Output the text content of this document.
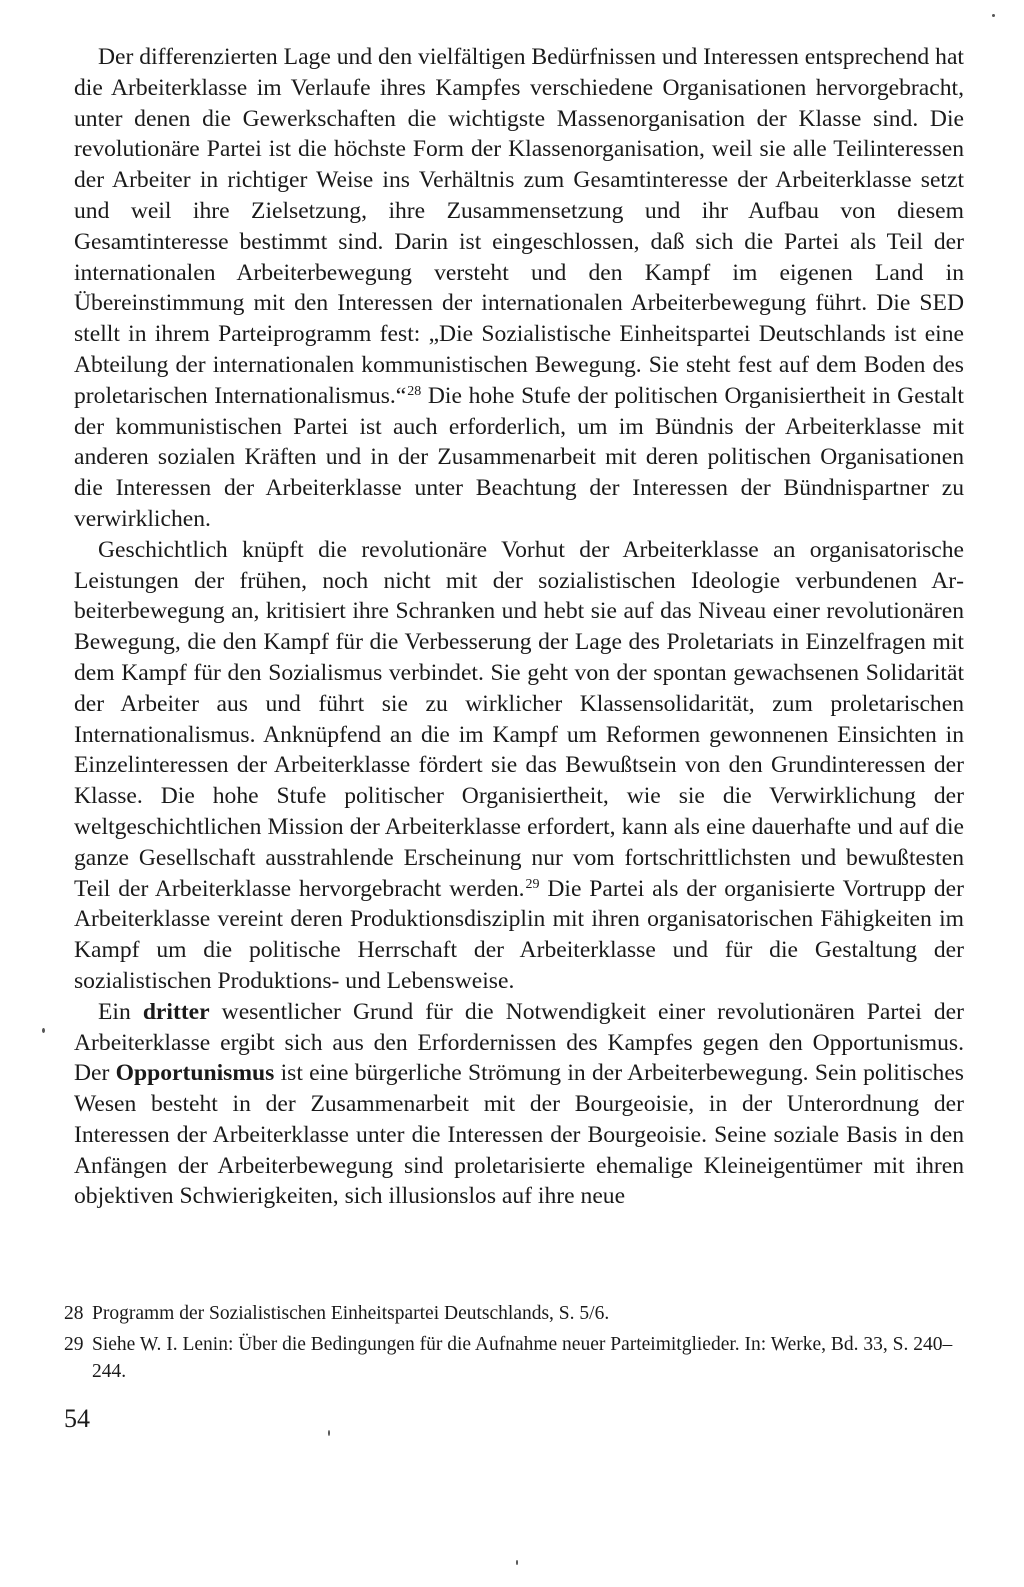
Der differenzierten Lage und den vielfältigen Bedürfnissen und Interessen entsprechend hat die Arbeiterklasse im Verlaufe ihres Kampfes verschiedene Organisationen hervorgebracht, unter denen die Gewerkschaften die wichtigste Massenorganisation der Klasse sind. Die revolutionäre Partei ist die höchste Form der Klassenorganisation, weil sie alle Teilinteressen der Arbeiter in richtiger Weise ins Verhältnis zum Gesamtinteresse der Arbeiterklasse setzt und weil ihre Zielsetzung, ihre Zusammensetzung und ihr Aufbau von diesem Gesamtinteresse bestimmt sind. Darin ist eingeschlossen, daß sich die Partei als Teil der internationalen Arbeiterbewegung versteht und den Kampf im eigenen Land in Übereinstimmung mit den Interessen der internationalen Arbeiterbewegung führt. Die SED stellt in ihrem Parteiprogramm fest: „Die Sozialistische Einheitspartei Deutschlands ist eine Abteilung der internationalen kommunistischen Bewegung. Sie steht fest auf dem Boden des proletarischen Internationalismus.“$^{28}$ Die hohe Stufe der politischen Organisiertheit in Gestalt der kommunistischen Partei ist auch erforderlich, um im Bündnis der Arbeiterklasse mit anderen sozialen Kräften und in der Zusammenarbeit mit deren politischen Organisationen die Interessen der Arbeiterklasse unter Beachtung der Interessen der Bündnispartner zu verwirklichen.

Geschichtlich knüpft die revolutionäre Vorhut der Arbeiterklasse an organisatorische Leistungen der frühen, noch nicht mit der sozialistischen Ideologie verbundenen Arbeiterbewegung an, kritisiert ihre Schranken und hebt sie auf das Niveau einer revolutionären Bewegung, die den Kampf für die Verbesserung der Lage des Proletariats in Einzelfragen mit dem Kampf für den Sozialismus verbindet. Sie geht von der spontan gewachsenen Solidarität der Arbeiter aus und führt sie zu wirklicher Klassensolidarität, zum proletarischen Internationalismus. Anknüpfend an die im Kampf um Reformen gewonnenen Einsichten in Einzelinteressen der Arbeiterklasse fördert sie das Bewußtsein von den Grundinteressen der Klasse. Die hohe Stufe politischer Organisiertheit, wie sie die Verwirklichung der weltgeschichtlichen Mission der Arbeiterklasse erfordert, kann als eine dauerhafte und auf die ganze Gesellschaft ausstrahlende Erscheinung nur vom fortschrittlichsten und bewußtesten Teil der Arbeiterklasse hervorgebracht werden.$^{29}$ Die Partei als der organisierte Vortrupp der Arbeiterklasse vereint deren Produktionsdisziplin mit ihren organisatorischen Fähigkeiten im Kampf um die politische Herrschaft der Arbeiterklasse und für die Gestaltung der sozialistischen Produktions- und Lebensweise.

Ein dritter wesentlicher Grund für die Notwendigkeit einer revolutionären Partei der Arbeiterklasse ergibt sich aus den Erfordernissen des Kampfes gegen den Opportunismus. Der Opportunismus ist eine bürgerliche Strömung in der Arbeiterbewegung. Sein politisches Wesen besteht in der Zusammenarbeit mit der Bourgeoisie, in der Unterordnung der Interessen der Arbeiterklasse unter die Interessen der Bourgeoisie. Seine soziale Basis in den Anfängen der Arbeiterbewegung sind proletarisierte ehemalige Kleineigentümer mit ihren objektiven Schwierigkeiten, sich illusionslos auf ihre neue

28 Programm der Sozialistischen Einheitspartei Deutschlands, S. 5/6.
29 Siehe W. I. Lenin: Über die Bedingungen für die Aufnahme neuer Parteimitglieder. In: Werke, Bd. 33, S. 240–244.
54
